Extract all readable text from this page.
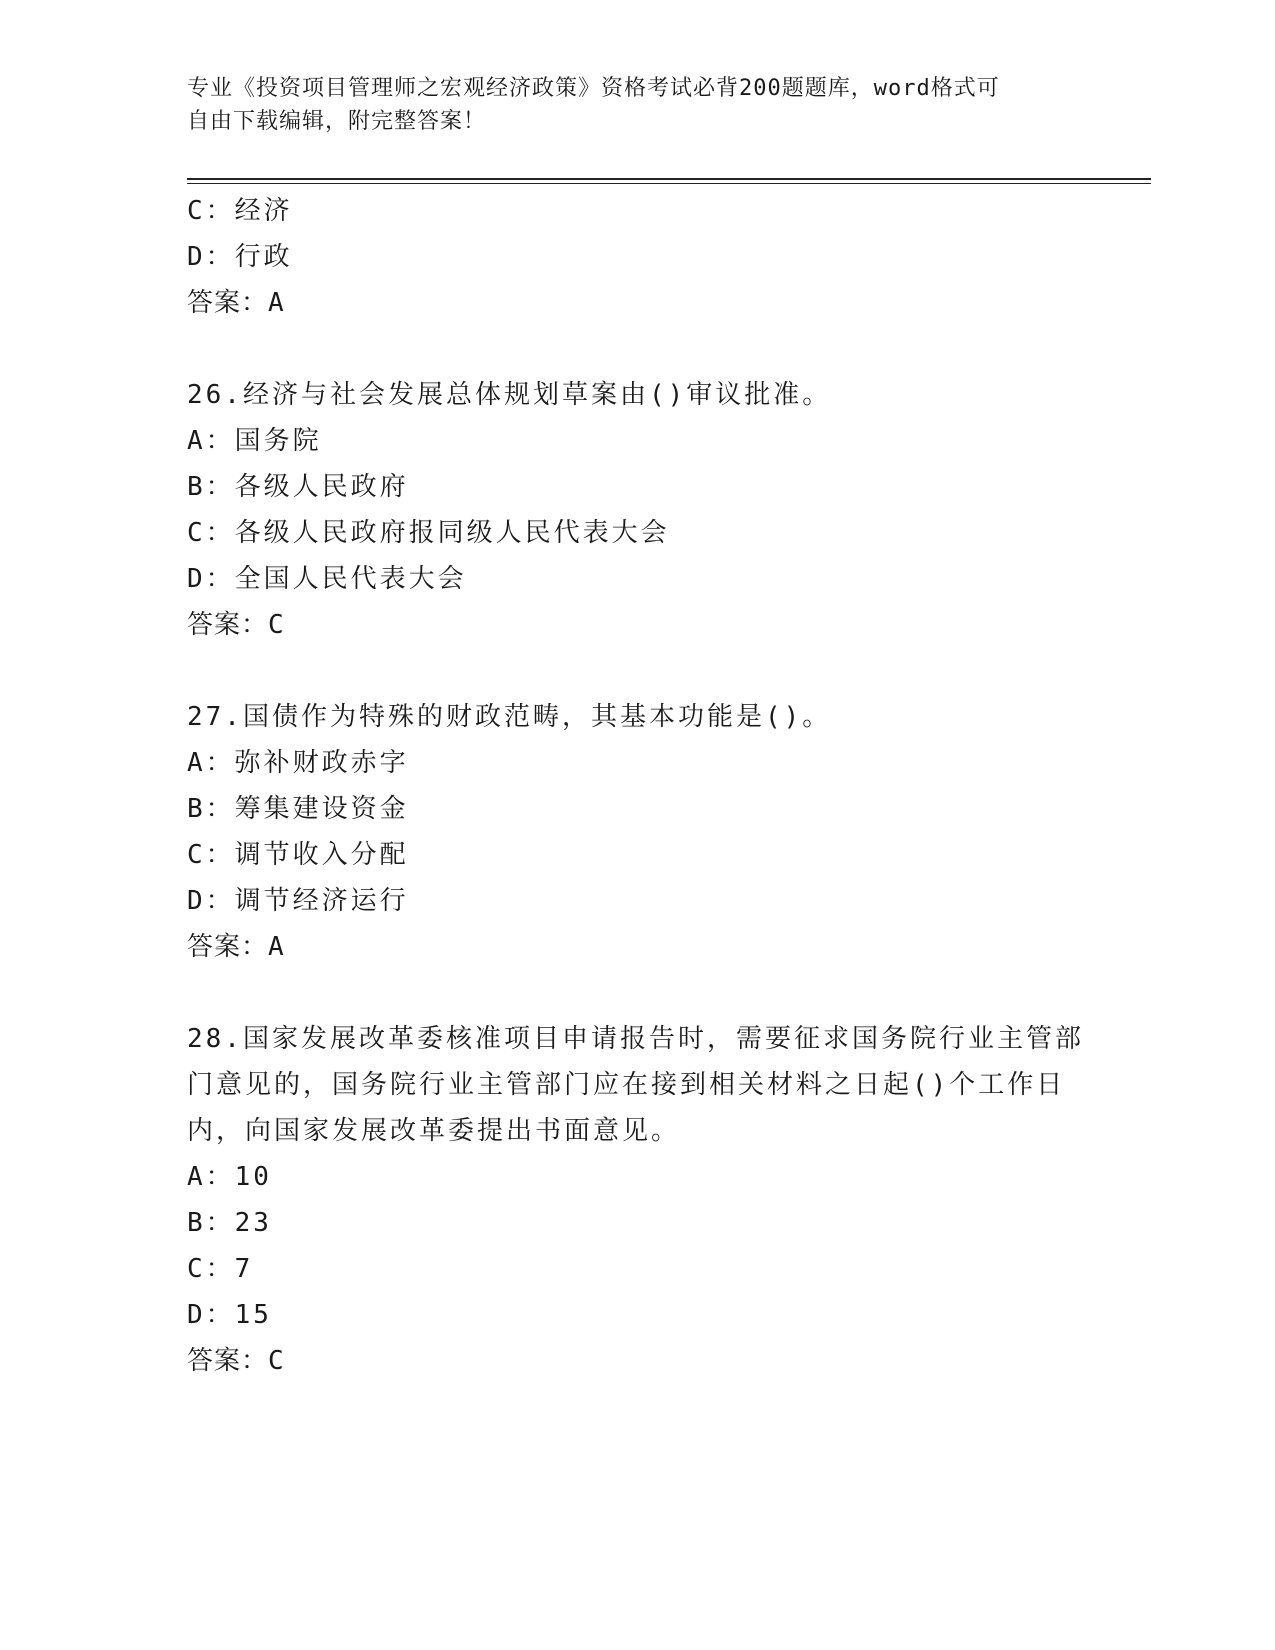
专业《投资项目管理师之宏观经济政策》资格考试必背200题题库，word格式可
自由下载编辑，附完整答案！
C：经济
D：行政
答案：A
26.经济与社会发展总体规划草案由()审议批准。
A：国务院
B：各级人民政府
C：各级人民政府报同级人民代表大会
D：全国人民代表大会
答案：C
27.国债作为特殊的财政范畴，其基本功能是()。
A：弥补财政赤字
B：筹集建设资金
C：调节收入分配
D：调节经济运行
答案：A
28.国家发展改革委核准项目申请报告时，需要征求国务院行业主管部
门意见的，国务院行业主管部门应在接到相关材料之日起()个工作日
内，向国家发展改革委提出书面意见。
A：10
B：23
C：7
D：15
答案：C
